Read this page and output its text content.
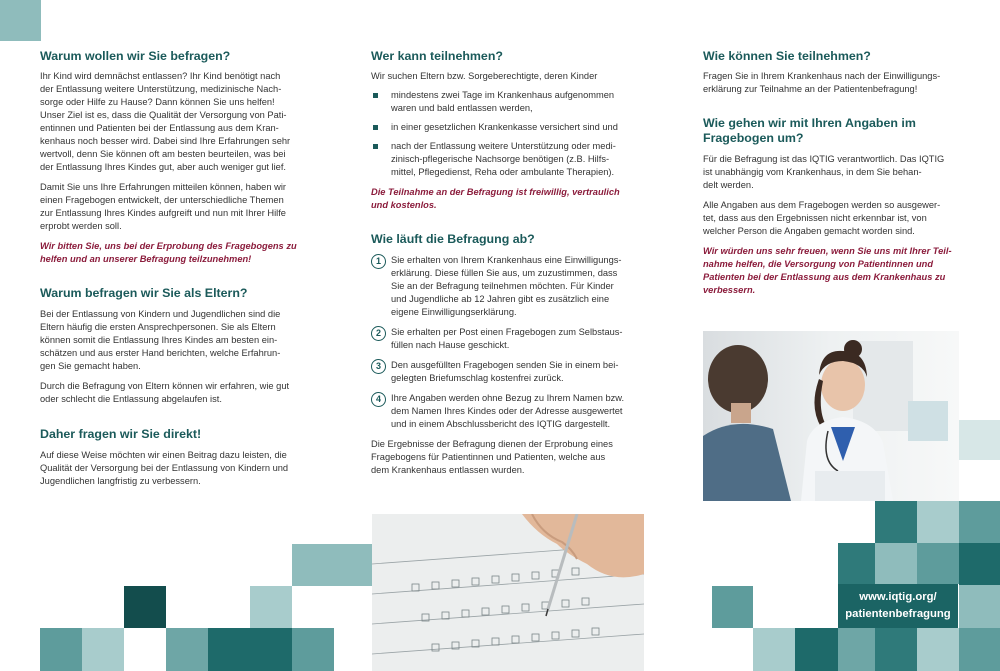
Warum wollen wir Sie befragen?

Ihr Kind wird demnächst entlassen? Ihr Kind benötigt nach
der Entlassung weitere Unterstützung, medizinische Nach-
sorge oder Hilfe zu Hause? Dann können Sie uns helfen!
Unser Ziel ist es, dass die Qualität der Versorgung von Pati-
entinnen und Patienten bei der Entlassung aus dem Kran-
kenhaus noch besser wird. Dabei sind Ihre Erfahrungen sehr
wertvoll, denn Sie können oft am besten beurteilen, was bei
der Entlassung Ihres Kindes gut, aber auch weniger gut lief.

Damit Sie uns Ihre Erfahrungen mitteilen können, haben wir
einen Fragebogen entwickelt, der unterschiedliche Themen
zur Entlassung Ihres Kindes aufgreift und nun mit Ihrer Hilfe
erprobt werden soll.

Wir bitten Sie, uns bei der Erprobung des Fragebogens zu
helfen und an unserer Befragung teilzunehmen!

Warum befragen wir Sie als Eltern?

Bei der Entlassung von Kindern und Jugendlichen sind die
Eltern häufig die ersten Ansprechpersonen. Sie als Eltern
können somit die Entlassung Ihres Kindes am besten ein-
schätzen und aus erster Hand berichten, welche Erfahrun-
gen Sie gemacht haben.

Durch die Befragung von Eltern können wir erfahren, wie gut
oder schlecht die Entlassung abgelaufen ist.

Daher fragen wir Sie direkt!

Auf diese Weise möchten wir einen Beitrag dazu leisten, die
Qualität der Versorgung bei der Entlassung von Kindern und
Jugendlichen langfristig zu verbessern.

Wer kann teilnehmen?

Wir suchen Eltern bzw. Sorgeberechtigte, deren Kinder

mindestens zwei Tage im Krankenhaus aufgenommen
waren und bald entlassen werden,
in einer gesetzlichen Krankenkasse versichert sind und
nach der Entlassung weitere Unterstützung oder medi-
zinisch-pflegerische Nachsorge benötigen (z.B. Hilfs-
mittel, Pflegedienst, Reha oder ambulante Therapien).

Die Teilnahme an der Befragung ist freiwillig, vertraulich
und kostenlos.

Wie läuft die Befragung ab?
1	Sie erhalten von Ihrem Krankenhaus eine Einwilligungs-
erklärung. Diese füllen Sie aus, um zuzustimmen, dass
Sie an der Befragung teilnehmen möchten. Für Kinder
und Jugendliche ab 12 Jahren gibt es zusätzlich eine
eigene Einwilligungserklärung.
2	Sie erhalten per Post einen Fragebogen zum Selbstaus-
füllen nach Hause geschickt.
3	Den ausgefüllten Fragebogen senden Sie in einem bei-
gelegten Briefumschlag kostenfrei zurück.
4	Ihre Angaben werden ohne Bezug zu Ihrem Namen bzw.
dem Namen Ihres Kindes oder der Adresse ausgewertet
und in einem Abschlussbericht des IQTIG dargestellt.

Die Ergebnisse der Befragung dienen der Erprobung eines
Fragebogens für Patientinnen und Patienten, welche aus
dem Krankenhaus entlassen wurden.

Wie können Sie teilnehmen?

Fragen Sie in Ihrem Krankenhaus nach der Einwilligungs-
erklärung zur Teilnahme an der Patientenbefragung!

Wie gehen wir mit Ihren Angaben im
Fragebogen um?

Für die Befragung ist das IQTIG verantwortlich. Das IQTIG
ist unabhängig vom Krankenhaus, in dem Sie behan-
delt werden.

Alle Angaben aus dem Fragebogen werden so ausgewer-
tet, dass aus den Ergebnissen nicht erkennbar ist, von
welcher Person die Angaben gemacht worden sind.

Wir würden uns sehr freuen, wenn Sie uns mit Ihrer Teil-
nahme helfen, die Versorgung von Patientinnen und
Patienten bei der Entlassung aus dem Krankenhaus zu
verbessern.

www.iqtig.org/
patientenbefragung
